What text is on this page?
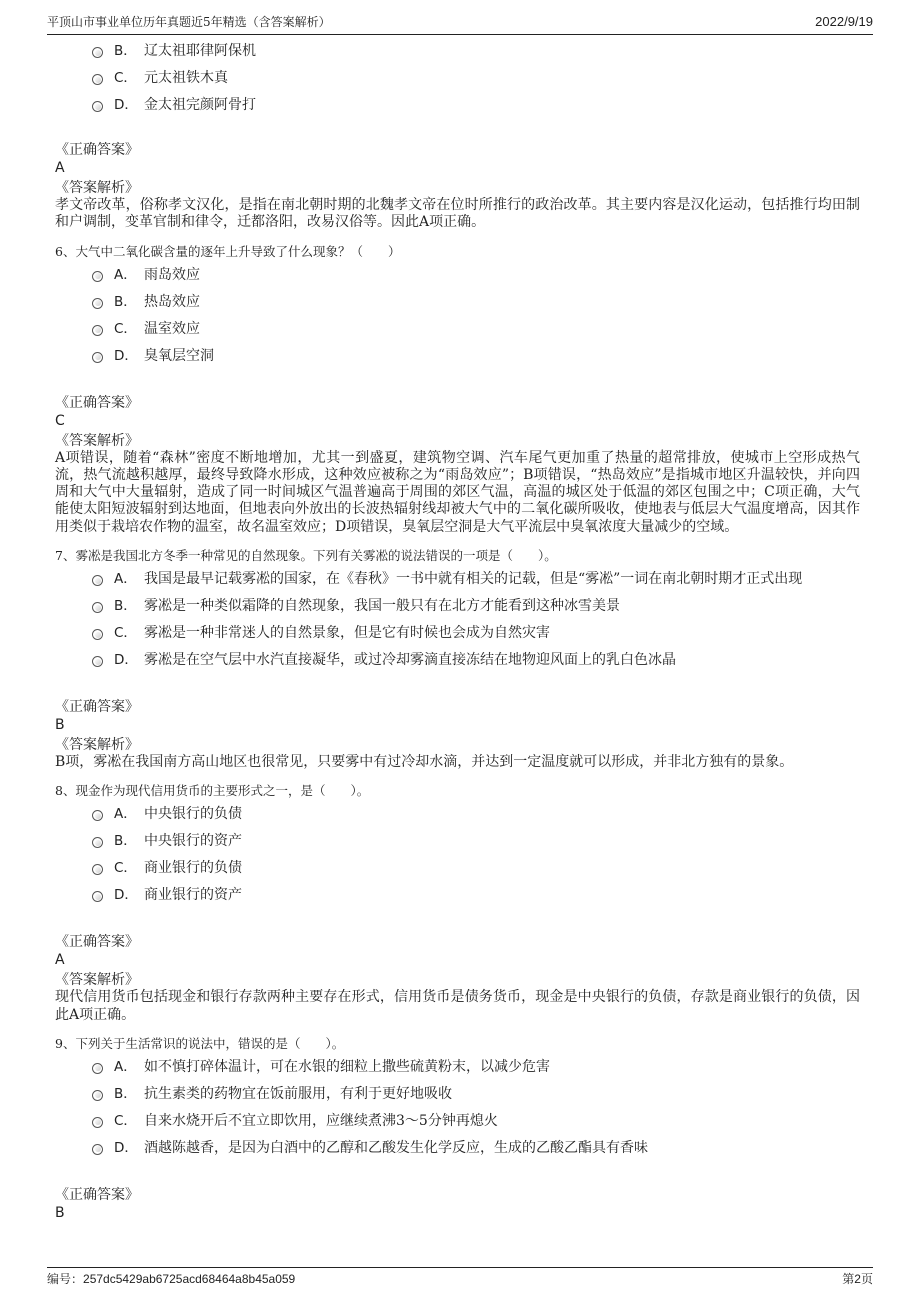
平顶山市事业单位历年真题近5年精选（含答案解析）	2022/9/19
B． 辽太祖耶律阿保机
C． 元太祖铁木真
D． 金太祖完颜阿骨打
《正确答案》
A
《答案解析》

孝文帝改革，俗称孝文汉化，是指在南北朝时期的北魏孝文帝在位时所推行的政治改革。其主要内容是汉化运动，包括推行均田制和户调制，变革官制和律令，迁都洛阳，改易汉俗等。因此A项正确。

6、大气中二氧化碳含量的逐年上升导致了什么现象？（　　）
A． 雨岛效应
B． 热岛效应
C． 温室效应
D． 臭氧层空洞
《正确答案》
C
《答案解析》

A项错误，随着“森林”密度不断地增加，尤其一到盛夏，建筑物空调、汽车尾气更加重了热量的超常排放，使城市上空形成热气流，热气流越积越厚，最终导致降水形成，这种效应被称之为“雨岛效应”；B项错误，“热岛效应”是指城市地区升温较快，并向四周和大气中大量辐射，造成了同一时间城区气温普遍高于周围的郊区气温，高温的城区处于低温的郊区包围之中；C项正确，大气能使太阳短波辐射到达地面，但地表向外放出的长波热辐射线却被大气中的二氧化碳所吸收，使地表与低层大气温度增高，因其作用类似于栽培农作物的温室，故名温室效应；D项错误，臭氧层空洞是大气平流层中臭氧浓度大量减少的空域。

7、雾凇是我国北方冬季一种常见的自然现象。下列有关雾凇的说法错误的一项是（　　）。
A． 我国是最早记载雾凇的国家，在《春秋》一书中就有相关的记载，但是“雾凇”一词在南北朝时期才正式出现
B． 雾凇是一种类似霜降的自然现象，我国一般只有在北方才能看到这种冰雪美景
C． 雾凇是一种非常迷人的自然景象，但是它有时候也会成为自然灾害
D． 雾凇是在空气层中水汽直接凝华，或过冷却雾滴直接冻结在地物迎风面上的乳白色冰晶
《正确答案》
B
《答案解析》

B项，雾凇在我国南方高山地区也很常见，只要雾中有过冷却水滴，并达到一定温度就可以形成，并非北方独有的景象。

8、现金作为现代信用货币的主要形式之一，是（　　）。
A． 中央银行的负债
B． 中央银行的资产
C． 商业银行的负债
D． 商业银行的资产
《正确答案》
A
《答案解析》

现代信用货币包括现金和银行存款两种主要存在形式，信用货币是债务货币，现金是中央银行的负债，存款是商业银行的负债，因此A项正确。

9、下列关于生活常识的说法中，错误的是（　　）。
A． 如不慎打碎体温计，可在水银的细粒上撒些硫黄粉末，以减少危害
B． 抗生素类的药物宜在饭前服用，有利于更好地吸收
C． 自来水烧开后不宜立即饮用，应继续煮沸3～5分钟再熄火
D． 酒越陈越香，是因为白酒中的乙醇和乙酸发生化学反应，生成的乙酸乙酯具有香味
《正确答案》
B
编号：257dc5429ab6725acd68464a8b45a059	第2页
